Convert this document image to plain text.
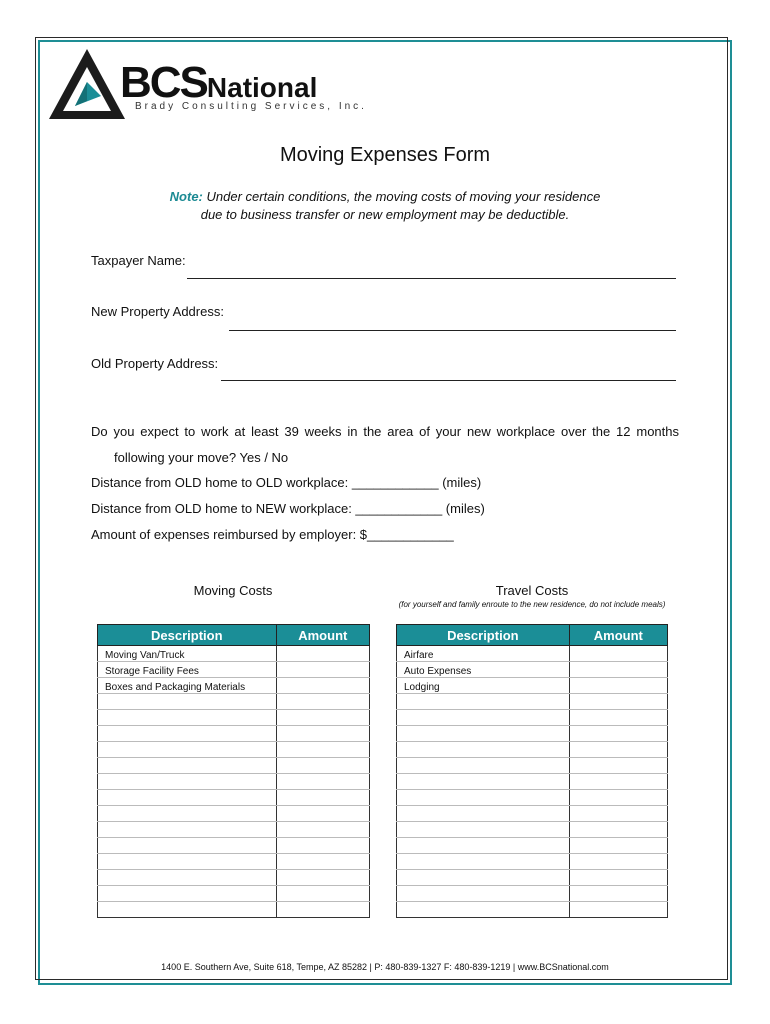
BCSNational
Brady Consulting Services, Inc.
Moving Expenses Form
Note: Under certain conditions, the moving costs of moving your residence
due to business transfer or new employment may be deductible.
Taxpayer Name:
New Property Address:
Old Property Address:
Do you expect to work at least 39 weeks in the area of your new workplace over the 12 months
following your move? Yes / No
Distance from OLD home to OLD workplace: ____________ (miles)
Distance from OLD home to NEW workplace: ____________ (miles)
Amount of expenses reimbursed by employer: $____________
Moving Costs	Travel Costs
(for yourself and family enroute to the new residence, do not include meals)
Description	Amount
Moving Van/Truck	
Storage Facility Fees	
Boxes and Packaging Materials	

Description	Amount
Airfare	
Auto Expenses	
Lodging	

1400 E. Southern Ave, Suite 618, Tempe, AZ 85282 | P: 480-839-1327 F: 480-839-1219 | www.BCSnational.com
